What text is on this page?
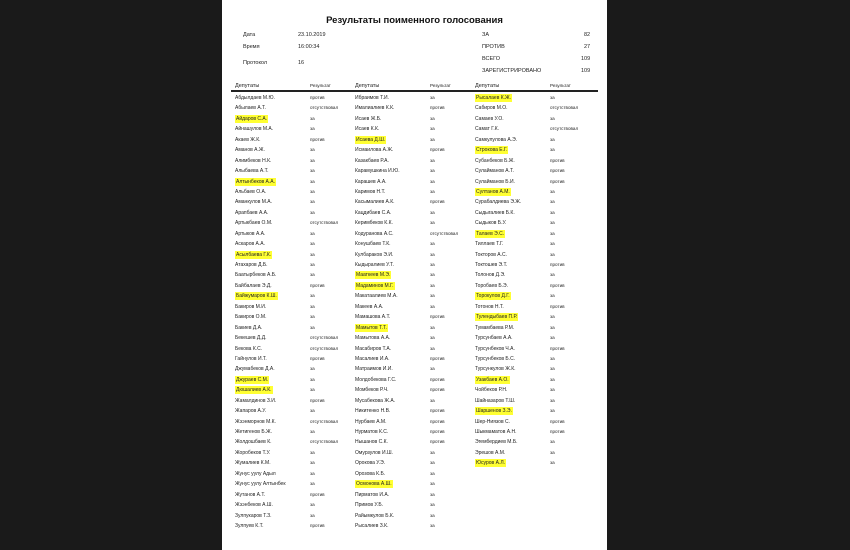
Результаты поименного голосования
Дата	23.10.2019
Время	16:00:34
Протокол	16
ЗА	82
ПРОТИВ	27
ВСЕГО	109
ЗАРЕГИСТРИРОВАНО	109
Депутаты	Результат
Абдылдаев М.Ю.	против
Абылаев А.Т.	отсутствовал
Айдаров С.А.	за
Айнашулов М.А.	за
Акаев Ж.К.	против
Аманов А.Ж.	за
Алимбеков Н.К.	за
Алыбаева А.Т.	за
Алтынбеков А.А.	за
Альбаев О.А.	за
Аманкулов М.А.	за
Арапбаев А.А.	за
Артыкбаев О.М.	отсутствовал
Артыков А.А.	за
Аскаров А.А.	за
Асылбаева Г.К.	за
Атахаров Д.Б.	за
Баатырбеков А.Б.	за
Байбалаев Э.Д.	против
Байжумаров К.Ш.	за
Бакиров М.И.	за
Бакиров О.М.	за
Бакиев Д.А.	за
Бекешев Д.Д.	отсутствовал
Бекова К.С.	отсутствовал
Гайнулов И.Т.	против
Джумабеков Д.А.	за
Джураев С.М.	за
Дюшалиев А.К.	за
Жамалдинов З.И.	против
Жапаров А.У.	за
Жээнморнов М.К.	отсутствовал
Жетигенов Б.Ж.	за
Жолдошбаев К.	отсутствовал
Жоробеков Т.У.	за
Жумалиев К.М.	за
Жунус уулу Адыл	за
Жунус уулу Алтынбек	за
Жутанов А.Т.	против
Жээнбеков А.Ш.	за
Зулпукаров Т.З.	за
Зулпуев К.Т.	против
Депутаты	Результат
Ибраимов Т.И.	за
Ималиалиев К.К.	против
Исаев Ж.Б.	за
Исаев К.К.	за
Исаева Д.Ш.	за
Исмаилова А.Ж.	против
Казакбаев Р.А.	за
Карамушкина И.Ю.	за
Карашев А.А.	за
Каримов Н.Т.	за
Касымалиев А.К.	против
Кацдибаев С.А.	за
Керимбеков К.К.	за
Кодуранова А.С.	отсутствовал
Конушбаев Т.К.	за
Кулбараков Э.И.	за
Кыдыралиев У.Т.	за
Мааткеев М.Э.	за
Мадаминов М.Г.	за
Макатаалиев М.А.	за
Макеев А.А.	за
Мамашова А.Т.	против
Мамытов Т.Т.	за
Мамытова А.А.	за
Масабиров Т.А.	за
Масалиев И.А.	против
Матраимов И.И.	за
Молдобекова Г.С.	против
Момбеков Р.Ч.	против
Мусабекова Ж.А.	за
Никитенко Н.В.	против
Нурбаев А.М.	против
Нурматов К.С.	против
Нышанов С.К.	против
Омурзулов И.Ш.	за
Орокова У.Э.	за
Орозова К.Б.	за
Осмонова А.Ш.	за
Пирматов И.А.	за
Примов У.Б.	за
Райымкулов Б.К.	за
Рысалиев З.К.	за
Депутаты	Результат
Рысалаев К.Ж.	за
Сабиров М.О.	отсутствовал
Самаев У.О.	за
Самат Г.К.	отсутствовал
Самкулулова А.Э.	за
Строкова Е.Г.	за
Субанбеков Б.Ж.	против
Сулайманов А.Т.	против
Сулайманов Б.И.	против
Султанов А.М.	за
Сурабалдиева Э.Ж.	за
Сыдыгалиев Б.К.	за
Сыдыков Б.У.	за
Талаев Э.С.	за
Тиллаев Т.Г.	за
Токторов А.С.	за
Токтошев Э.Т.	против
Толонов Д.Э.	за
Торобаев Б.Э.	против
Торокулов Д.Г.	за
Тотонов Н.Т.	против
Тулендыбаев П.Р.	за
Тумамбаева Р.М.	за
Турсунбаев А.А.	за
Турсунбеков Ч.А.	против
Турсунбеков Б.С.	за
Турсункулов Ж.К.	за
Узакбаев А.О.	за
Чойбеков Р.Н.	за
Шайназаров Т.Ш.	за
Шаршенов З.Э.	за
Шер-Ниязов С.	против
Шыкмаматов А.Н.	против
Эгембердиев М.Б.	за
Эрешов А.М.	за
Юсуров А.Л.	за
